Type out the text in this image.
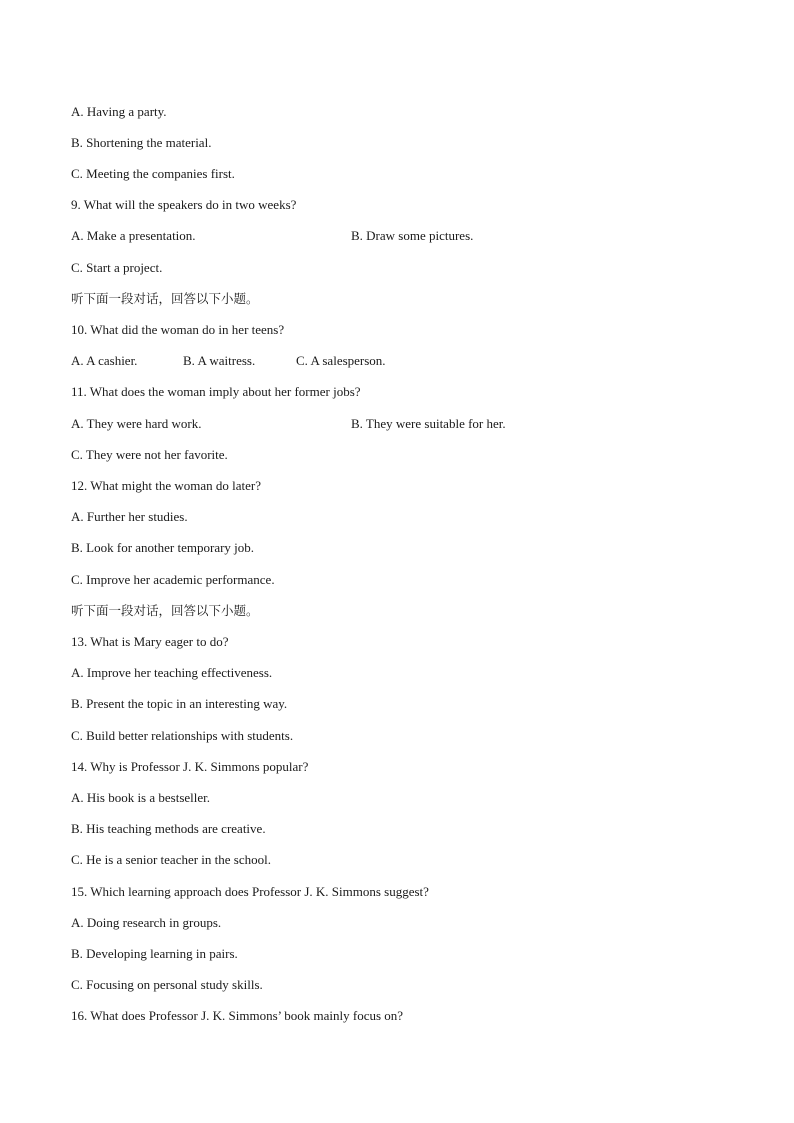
A. Having a party.
B. Shortening the material.
C. Meeting the companies first.
9. What will the speakers do in two weeks?
A. Make a presentation.	B. Draw some pictures.
C. Start a project.
听下面一段对话，回答以下小题。
10. What did the woman do in her teens?
A. A cashier.	B. A waitress.	C. A salesperson.
11. What does the woman imply about her former jobs?
A. They were hard work.	B. They were suitable for her.
C. They were not her favorite.
12. What might the woman do later?
A. Further her studies.
B. Look for another temporary job.
C. Improve her academic performance.
听下面一段对话，回答以下小题。
13. What is Mary eager to do?
A. Improve her teaching effectiveness.
B. Present the topic in an interesting way.
C. Build better relationships with students.
14. Why is Professor J. K. Simmons popular?
A. His book is a bestseller.
B. His teaching methods are creative.
C. He is a senior teacher in the school.
15. Which learning approach does Professor J. K. Simmons suggest?
A. Doing research in groups.
B. Developing learning in pairs.
C. Focusing on personal study skills.
16. What does Professor J. K. Simmons’ book mainly focus on?
